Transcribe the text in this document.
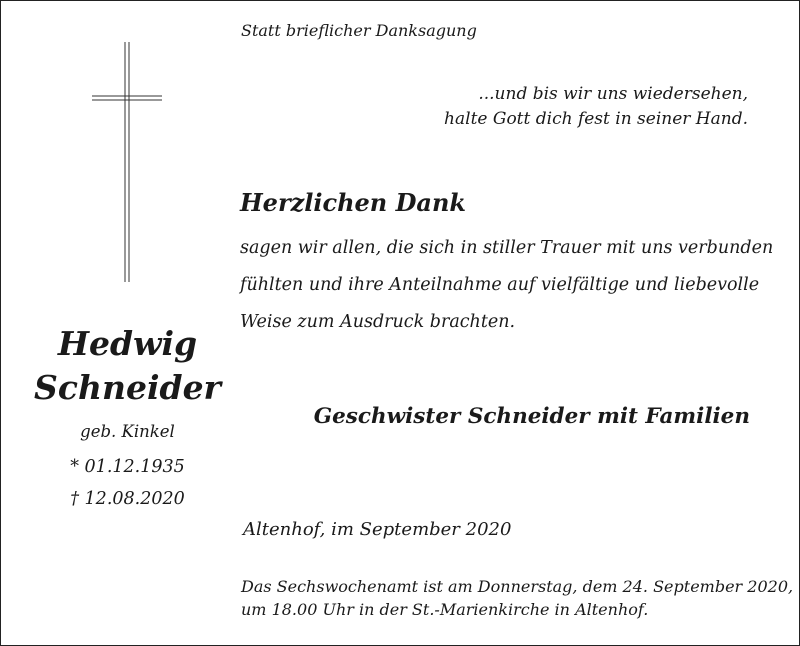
Statt brieflicher Danksagung
...und bis wir uns wiedersehen,
halte Gott dich fest in seiner Hand.
Herzlichen Dank
sagen wir allen, die sich in stiller Trauer mit uns verbunden
fühlten und ihre Anteilnahme auf vielfältige und liebevolle
Weise zum Ausdruck brachten.
Hedwig
Schneider
geb. Kinkel
* 01.12.1935
† 12.08.2020
Geschwister Schneider mit Familien
Altenhof, im September 2020
Das Sechswochenamt ist am Donnerstag, dem 24. September 2020,
um 18.00 Uhr in der St.-Marienkirche in Altenhof.
